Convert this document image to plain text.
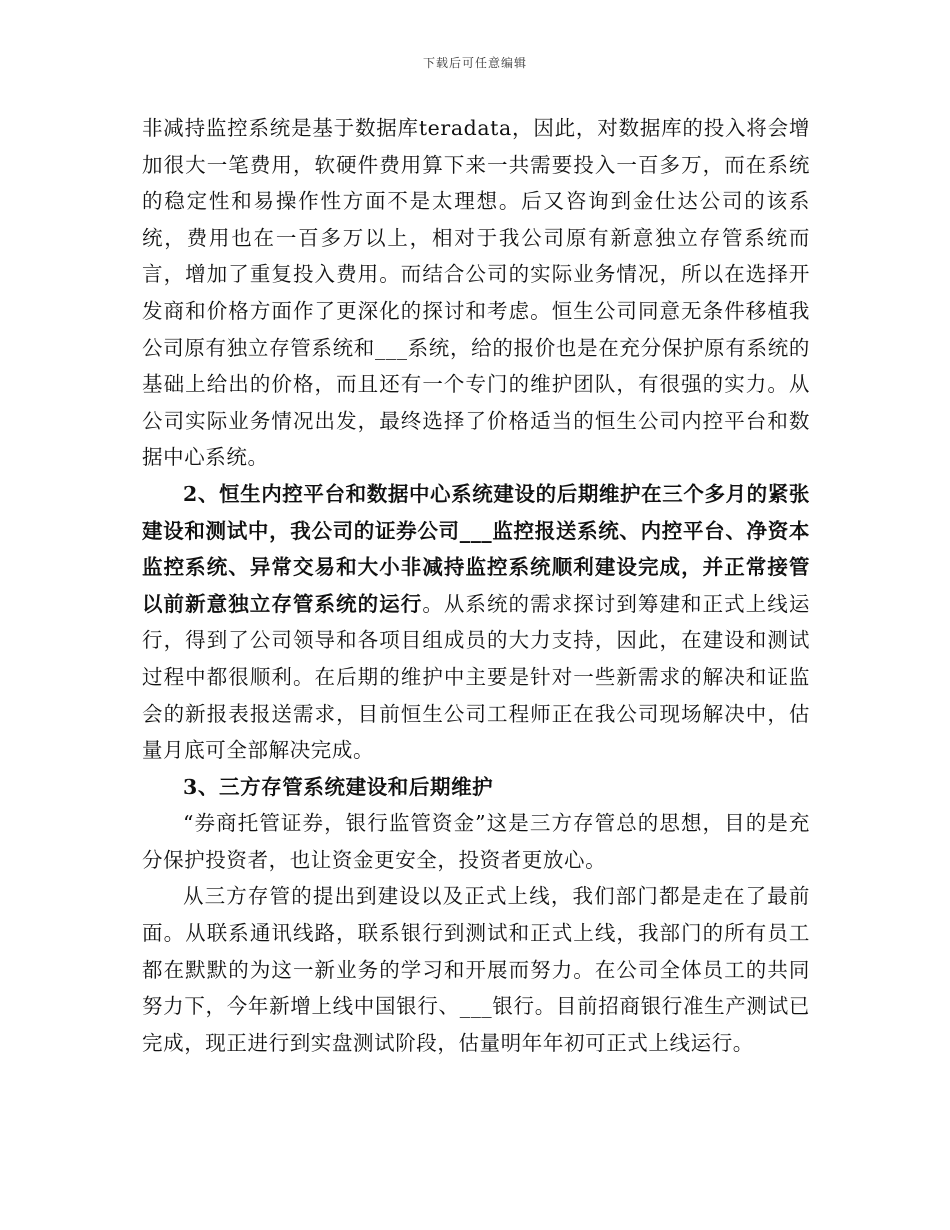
下载后可任意编辑

非减持监控系统是基于数据库teradata，因此，对数据库的投入将会增加很大一笔费用，软硬件费用算下来一共需要投入一百多万，而在系统的稳定性和易操作性方面不是太理想。后又咨询到金仕达公司的该系统，费用也在一百多万以上，相对于我公司原有新意独立存管系统而言，增加了重复投入费用。而结合公司的实际业务情况，所以在选择开发商和价格方面作了更深化的探讨和考虑。恒生公司同意无条件移植我公司原有独立存管系统和___系统，给的报价也是在充分保护原有系统的基础上给出的价格，而且还有一个专门的维护团队，有很强的实力。从公司实际业务情况出发，最终选择了价格适当的恒生公司内控平台和数据中心系统。

2、恒生内控平台和数据中心系统建设的后期维护在三个多月的紧张建设和测试中，我公司的证券公司___监控报送系统、内控平台、净资本监控系统、异常交易和大小非减持监控系统顺利建设完成，并正常接管以前新意独立存管系统的运行。从系统的需求探讨到筹建和正式上线运行，得到了公司领导和各项目组成员的大力支持，因此，在建设和测试过程中都很顺利。在后期的维护中主要是针对一些新需求的解决和证监会的新报表报送需求，目前恒生公司工程师正在我公司现场解决中，估量月底可全部解决完成。

3、三方存管系统建设和后期维护

“券商托管证券，银行监管资金”这是三方存管总的思想，目的是充分保护投资者，也让资金更安全，投资者更放心。

从三方存管的提出到建设以及正式上线，我们部门都是走在了最前面。从联系通讯线路，联系银行到测试和正式上线，我部门的所有员工都在默默的为这一新业务的学习和开展而努力。在公司全体员工的共同努力下，今年新增上线中国银行、___银行。目前招商银行准生产测试已完成，现正进行到实盘测试阶段，估量明年年初可正式上线运行。
